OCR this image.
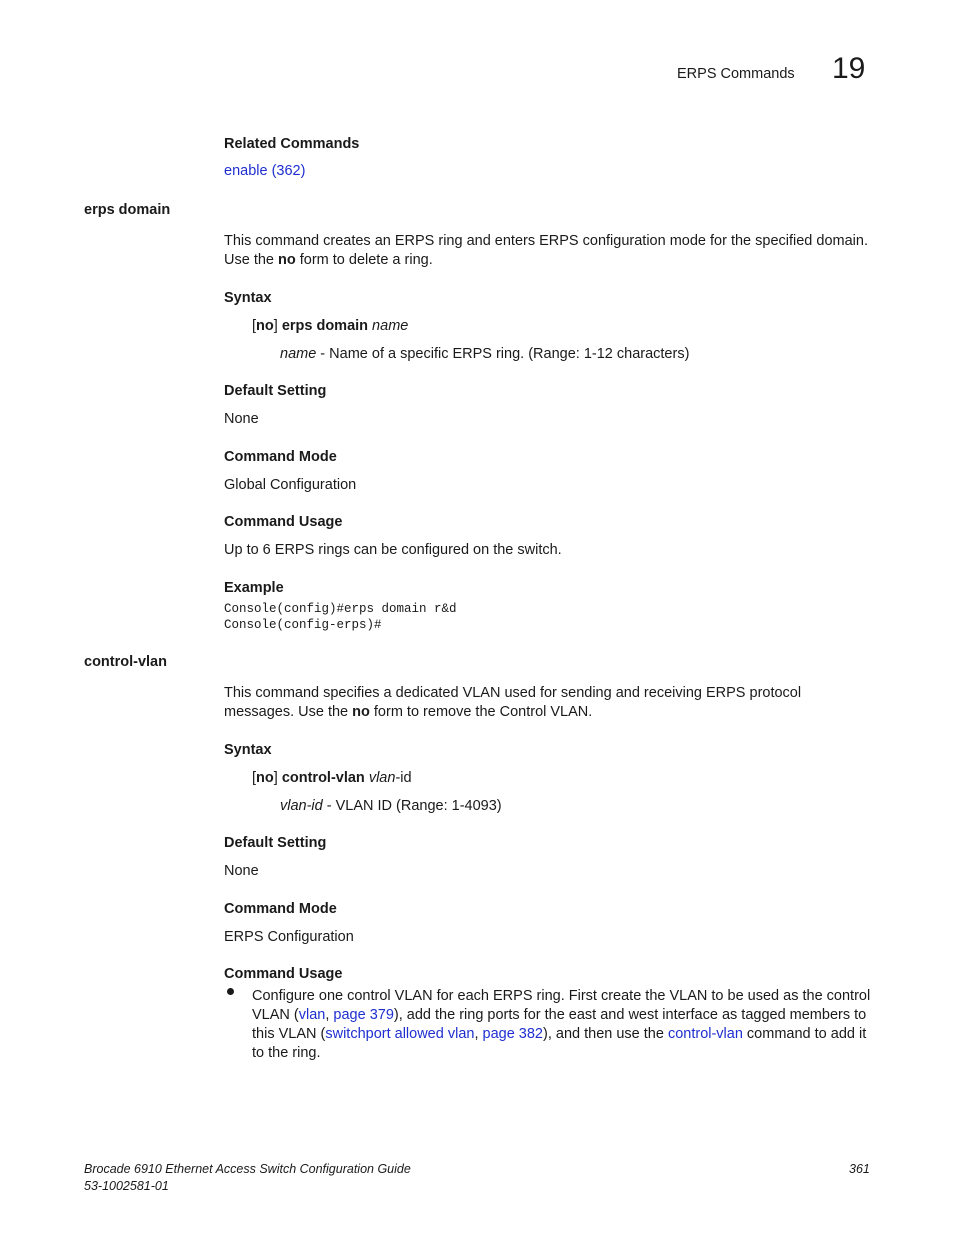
ERPS Commands 19
Related Commands
enable (362)
erps domain
This command creates an ERPS ring and enters ERPS configuration mode for the specified domain. Use the no form to delete a ring.
Syntax
[no] erps domain name
name - Name of a specific ERPS ring. (Range: 1-12 characters)
Default Setting
None
Command Mode
Global Configuration
Command Usage
Up to 6 ERPS rings can be configured on the switch.
Example
Console(config)#erps domain r&d
Console(config-erps)#
control-vlan
This command specifies a dedicated VLAN used for sending and receiving ERPS protocol messages. Use the no form to remove the Control VLAN.
Syntax
[no] control-vlan vlan-id
vlan-id - VLAN ID (Range: 1-4093)
Default Setting
None
Command Mode
ERPS Configuration
Command Usage
Configure one control VLAN for each ERPS ring. First create the VLAN to be used as the control VLAN (vlan, page 379), add the ring ports for the east and west interface as tagged members to this VLAN (switchport allowed vlan, page 382), and then use the control-vlan command to add it to the ring.
Brocade 6910 Ethernet Access Switch Configuration Guide
53-1002581-01
361
